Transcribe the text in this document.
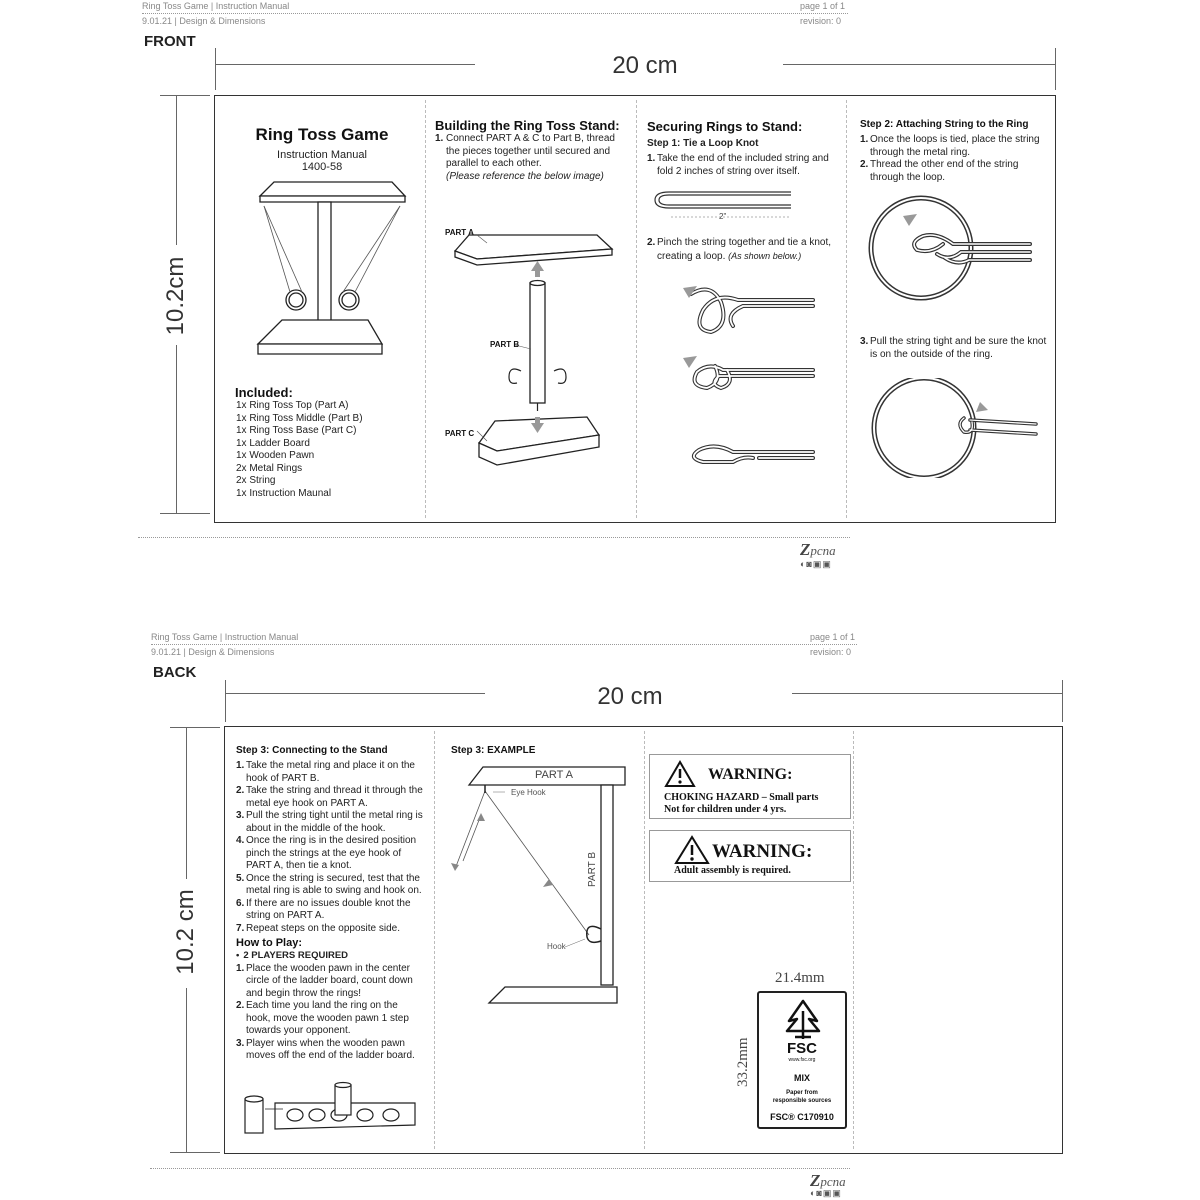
Ring Toss Game | Instruction Manual
9.01.21 | Design & Dimensions
page 1 of 1
revision: 0
FRONT
20 cm
10.2cm
Ring Toss Game
Instruction Manual
1400-58
Included:
1x Ring Toss Top (Part A)
1x Ring Toss Middle (Part B)
1x Ring Toss Base (Part C)
1x Ladder Board
1x Wooden Pawn
2x Metal Rings
2x String
1x Instruction Maunal
Building the Ring Toss Stand:
1. Connect PART A & C to Part B, thread the pieces together until secured and parallel to each other.
(Please reference the below image)
PART A
PART B
PART C
Securing Rings to Stand:
Step 1: Tie a Loop Knot
1. Take the end of the included string and fold 2 inches of string over itself.
2"
2. Pinch the string together and tie a knot, creating a loop. (As shown below.)
Step 2: Attaching String to the Ring
1. Once the loops is tied, place the string through the metal ring.
2. Thread the other end of the string through the loop.
3. Pull the string tight and be sure the knot is on the outside of the ring.
Zpcna
◐◙▣▣
Ring Toss Game | Instruction Manual
9.01.21 | Design & Dimensions
page 1 of 1
revision: 0
BACK
20 cm
10.2 cm
Step 3: Connecting to the Stand
1. Take the metal ring and place it on the hook of PART B.
2. Take the string and thread it through the metal eye hook on PART A.
3. Pull the string tight until the metal ring is about in the middle of the hook.
4. Once the ring is in the desired position pinch the strings at the eye hook of PART A, then tie a knot.
5. Once the string is secured, test that the metal ring is able to swing and hook on.
6. If there are no issues double knot the string on PART A.
7. Repeat steps on the opposite side.
How to Play:
• 2 PLAYERS REQUIRED
1. Place the wooden pawn in the center circle of the ladder board, count down and begin throw the rings!
2. Each time you land the ring on the hook, move the wooden pawn 1 step towards your opponent.
3. Player wins when the wooden pawn moves off the end of the ladder board.
Step 3: EXAMPLE
PART A
Eye Hook
PART B
Hook
WARNING:
CHOKING HAZARD – Small parts
Not for children under 4 yrs.
WARNING:
Adult assembly is required.
21.4mm
33.2mm	FSC
www.fsc.org
MIX
Paper from
responsible sources
FSC® C170910
Zpcna
◐◙▣▣
